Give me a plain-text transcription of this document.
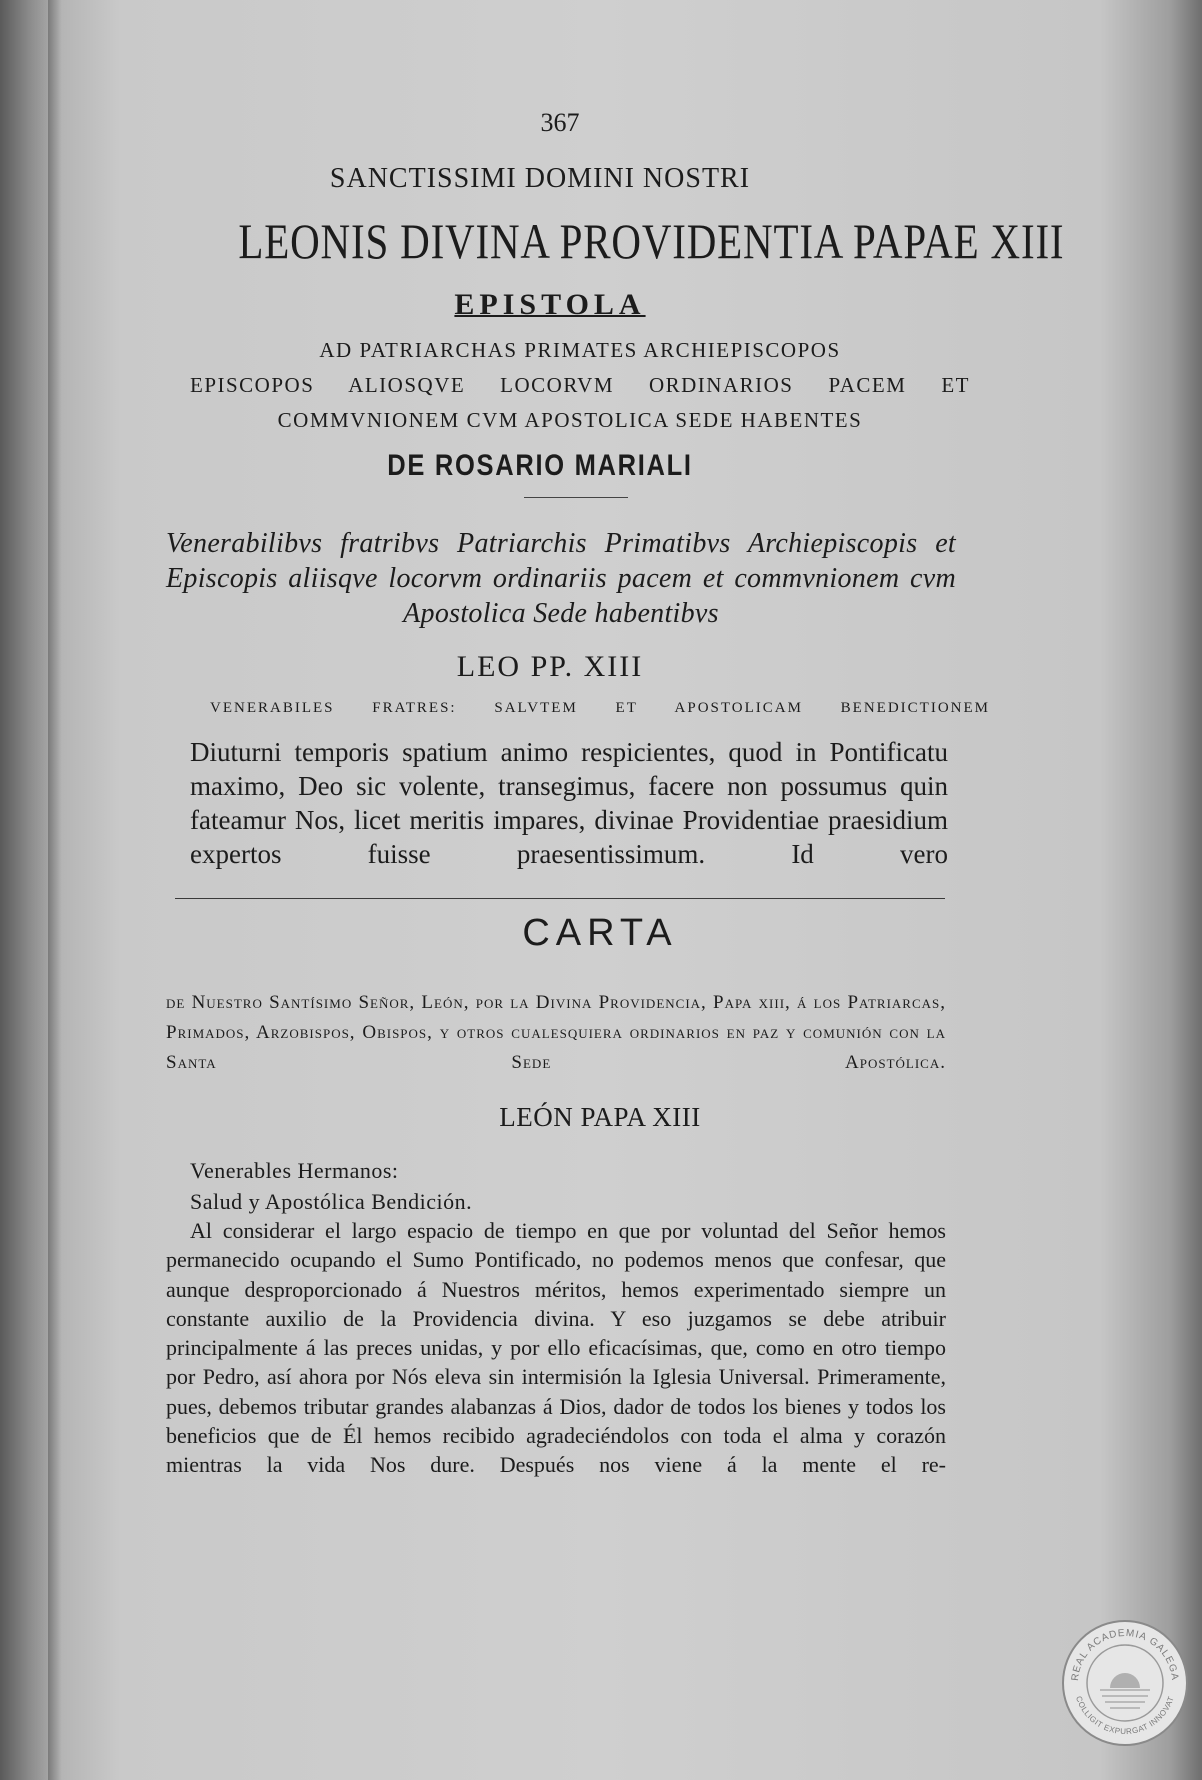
367
SANCTISSIMI DOMINI NOSTRI
LEONIS DIVINA PROVIDENTIA PAPAE XIII
EPISTOLA
AD PATRIARCHAS PRIMATES ARCHIEPISCOPOS
EPISCOPOS ALIOSQVE LOCORVM ORDINARIOS PACEM ET
COMMVNIONEM CVM APOSTOLICA SEDE HABENTES
DE ROSARIO MARIALI
Venerabilibvs fratribvs Patriarchis Primatibvs Archiepiscopis et Episcopis aliisqve locorvm ordinariis pacem et commvnionem cvm Apostolica Sede habentibvs
LEO PP. XIII
VENERABILES FRATRES: SALVTEM ET APOSTOLICAM BENEDICTIONEM
Diuturni temporis spatium animo respicientes, quod in Pontificatu maximo, Deo sic volente, transegimus, facere non possumus quin fateamur Nos, licet meritis impares, divinae Providentiae praesidium expertos fuisse praesentissimum. Id vero
CARTA
de Nuestro Santísimo Señor, León, por la Divina Providencia, Papa xiii, á los Patriarcas, Primados, Arzobispos, Obispos, y otros cualesquiera ordinarios en paz y comunión con la Santa Sede Apostólica.
LEÓN PAPA XIII
Venerables Hermanos:
Salud y Apostólica Bendición.
Al considerar el largo espacio de tiempo en que por voluntad del Señor hemos permanecido ocupando el Sumo Pontificado, no podemos menos que confesar, que aunque desproporcionado á Nuestros méritos, hemos experimentado siempre un constante auxilio de la Providencia divina. Y eso juzgamos se debe atribuir principalmente á las preces unidas, y por ello eficacísimas, que, como en otro tiempo por Pedro, así ahora por Nós eleva sin intermisión la Iglesia Universal. Primeramente, pues, debemos tributar grandes alabanzas á Dios, dador de todos los bienes y todos los beneficios que de Él hemos recibido agradeciéndolos con toda el alma y corazón mientras la vida Nos dure. Después nos viene á la mente el re-
REAL ACADEMIA GALEGA
COLLIGIT EXPURGAT INNOVAT
